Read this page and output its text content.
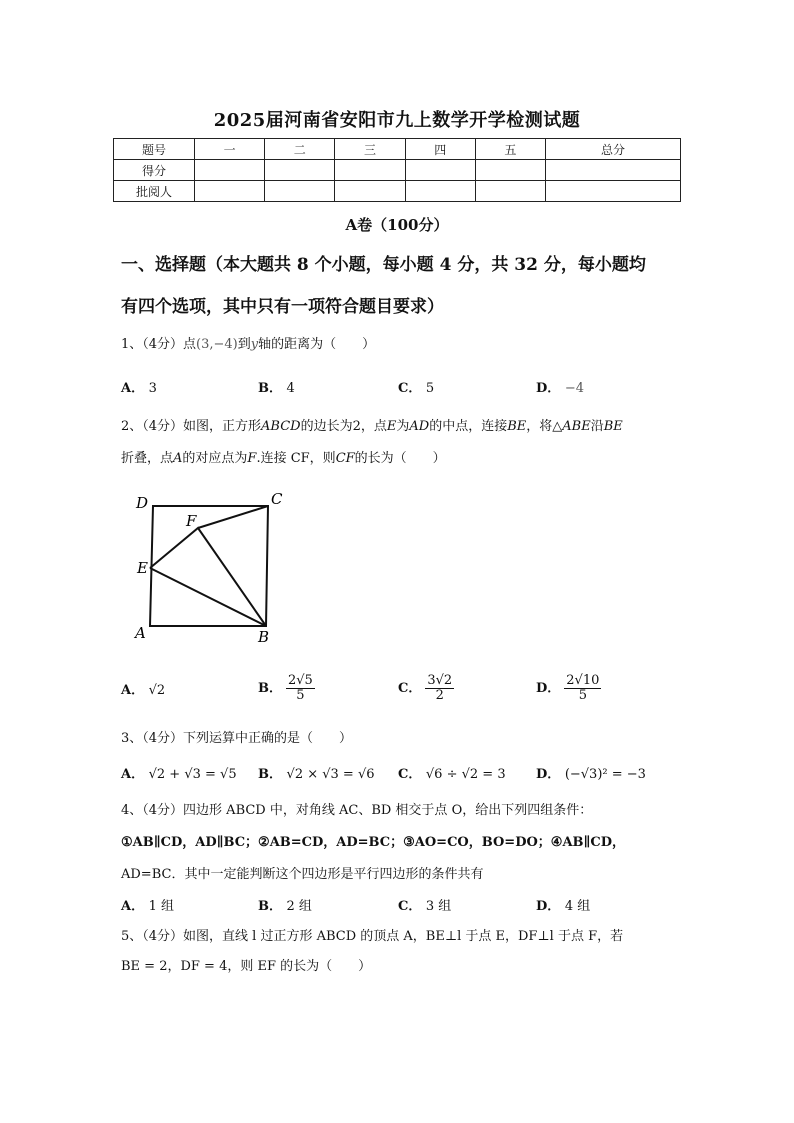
2025届河南省安阳市九上数学开学检测试题
题号	一	二	三	四	五	总分
得分						
批阅人						
A卷（100分）
一、选择题（本大题共 8 个小题，每小题 4 分，共 32 分，每小题均
有四个选项，其中只有一项符合题目要求）
1、（4分）点(3,−4)到y轴的距离为（　　）
A． 3	B． 4	C． 5	D． −4
2、（4分）如图，正方形ABCD的边长为2，点E为AD的中点，连接BE，将△ABE沿BE
折叠，点A的对应点为F.连接 CF，则CF的长为（　　）
D	C
F
E
A	B
A． √2	B． $\frac{2√5}{5}$	C． $\frac{3√2}{2}$	D． $\frac{2√10}{5}$
3、（4分）下列运算中正确的是（　　）
A． √2 + √3 = √5 B． √2 × √3 = √6 C． √6 ÷ √2 = 3 D． (−√3)² = −3
4、（4分）四边形 ABCD 中，对角线 AC、BD 相交于点 O，给出下列四组条件：
①AB∥CD，AD∥BC；②AB=CD，AD=BC；③AO=CO，BO=DO；④AB∥CD，
AD=BC．其中一定能判断这个四边形是平行四边形的条件共有
A． 1 组	B． 2 组	C． 3 组	D． 4 组
5、（4分）如图，直线 l 过正方形 ABCD 的顶点 A，BE⊥l 于点 E，DF⊥l 于点 F，若
BE = 2，DF = 4，则 EF 的长为（　　）
